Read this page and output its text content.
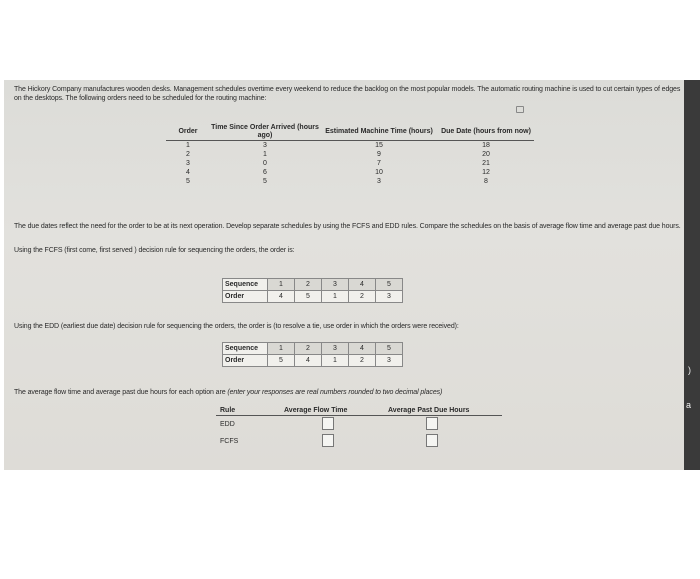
)
a
The Hickory Company manufactures wooden desks. Management schedules overtime every weekend to reduce the backlog on the most popular models. The automatic routing machine is used to cut certain types of edges on the desktops. The following orders need to be scheduled for the routing machine:
Order	Time Since Order Arrived (hours ago)	Estimated Machine Time (hours)	Due Date (hours from now)
1	3	15	18
2	1	9	20
3	0	7	21
4	6	10	12
5	5	3	8
The due dates reflect the need for the order to be at its next operation. Develop separate schedules by using the FCFS and EDD rules. Compare the schedules on the basis of average flow time and average past due hours.
Using the FCFS (first come, first served ) decision rule for sequencing the orders, the order is:
Sequence	1	2	3	4	5
Order	4	5	1	2	3
Using the EDD (earliest due date) decision rule for sequencing the orders, the order is (to resolve a tie, use order in which the orders were received):
Sequence	1	2	3	4	5
Order	5	4	1	2	3
The average flow time and average past due hours for each option are (enter your responses are real numbers rounded to two decimal places)
Rule	Average Flow Time	Average Past Due Hours
EDD		
FCFS		
